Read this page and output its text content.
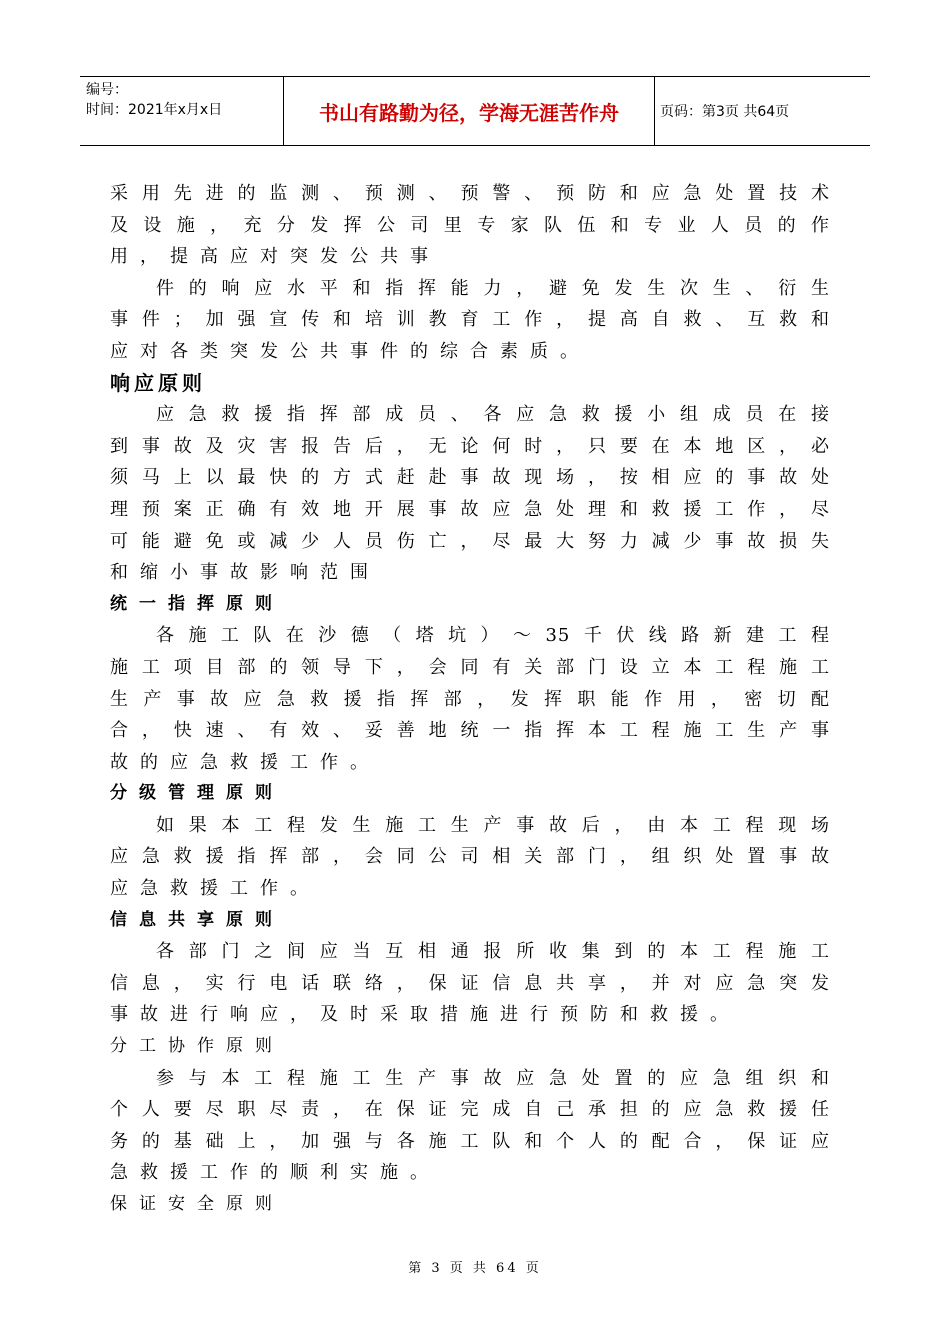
编号：
时间：2021年x月x日	书山有路勤为径，学海无涯苦作舟	页码：第3页 共64页
采用先进的监测、预测、预警、预防和应急处置技术
及设施，充分发挥公司里专家队伍和专业人员的作
用，提高应对突发公共事
件的响应水平和指挥能力，避免发生次生、衍生
事件；加强宣传和培训教育工作，提高自救、互救和
应对各类突发公共事件的综合素质。
响应原则
应急救援指挥部成员、各应急救援小组成员在接
到事故及灾害报告后，无论何时，只要在本地区，必
须马上以最快的方式赶赴事故现场，按相应的事故处
理预案正确有效地开展事故应急处理和救援工作，尽
可能避免或减少人员伤亡，尽最大努力减少事故损失
和缩小事故影响范围
统一指挥原则
各施工队在沙德（塔坑）～35千伏线路新建工程
施工项目部的领导下，会同有关部门设立本工程施工
生产事故应急救援指挥部，发挥职能作用，密切配
合，快速、有效、妥善地统一指挥本工程施工生产事
故的应急救援工作。
分级管理原则
如果本工程发生施工生产事故后，由本工程现场
应急救援指挥部，会同公司相关部门，组织处置事故
应急救援工作。
信息共享原则
各部门之间应当互相通报所收集到的本工程施工
信息，实行电话联络，保证信息共享，并对应急突发
事故进行响应，及时采取措施进行预防和救援。
分工协作原则
参与本工程施工生产事故应急处置的应急组织和
个人要尽职尽责，在保证完成自己承担的应急救援任
务的基础上，加强与各施工队和个人的配合，保证应
急救援工作的顺利实施。
保证安全原则
第 3 页 共 64 页
